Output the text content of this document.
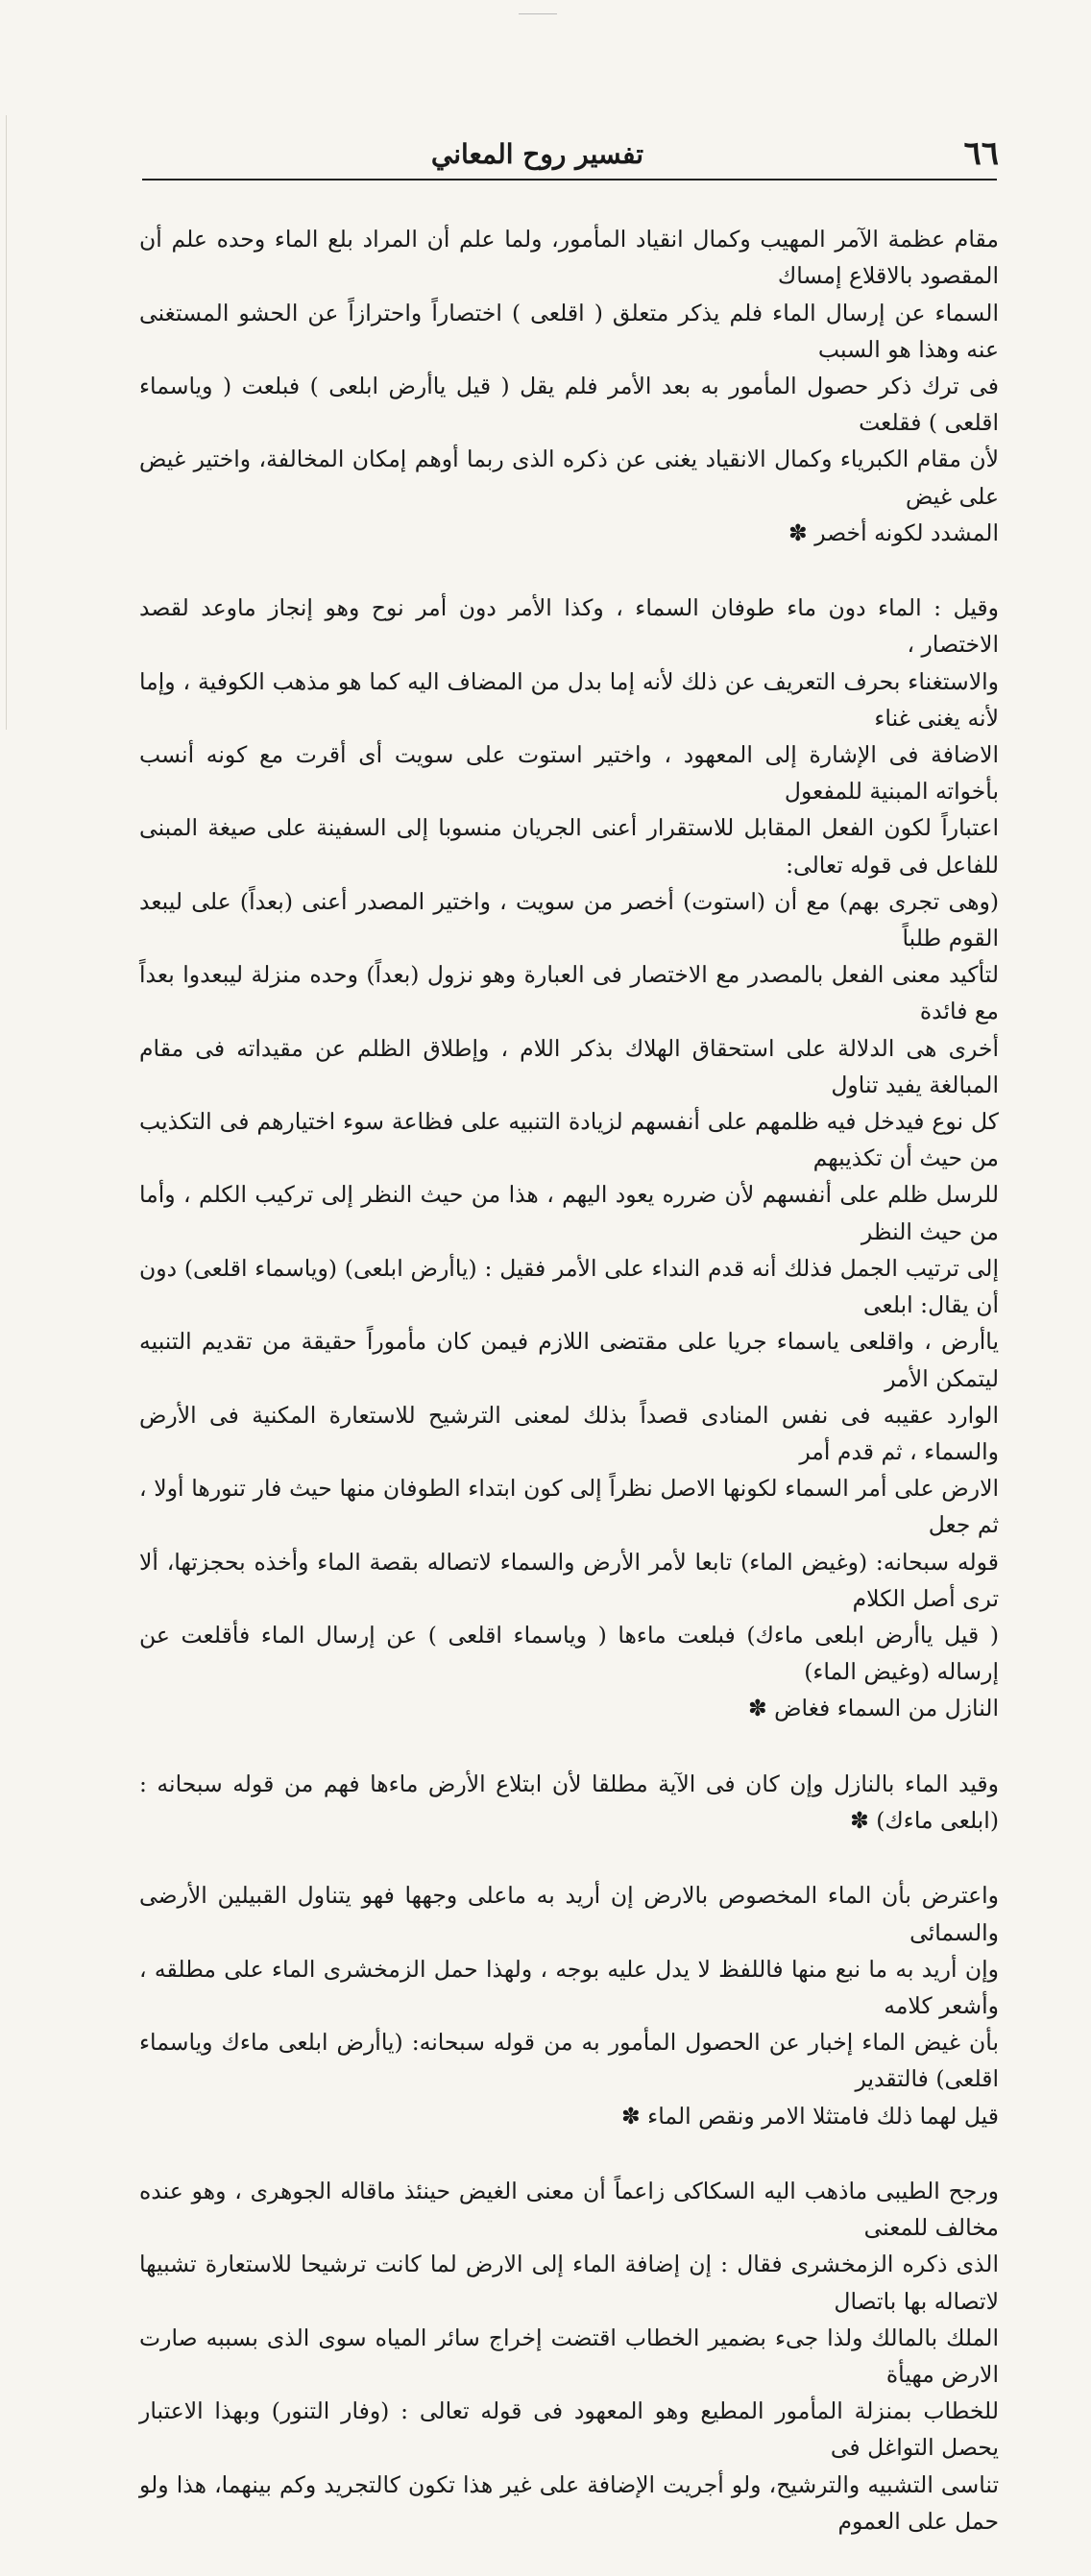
٦٦
تفسير روح المعاني

مقام عظمة الآمر المهيب وكمال انقياد المأمور، ولما علم أن المراد بلع الماء وحده علم أن المقصود بالاقلاع إمساك
السماء عن إرسال الماء فلم يذكر متعلق ( اقلعى ) اختصاراً واحترازاً عن الحشو المستغنى عنه وهذا هو السبب
فى ترك ذكر حصول المأمور به بعد الأمر فلم يقل ( قيل ياأرض ابلعى ) فبلعت ( وياسماء اقلعى ) فقلعت
لأن مقام الكبرياء وكمال الانقياد يغنى عن ذكره الذى ربما أوهم إمكان المخالفة، واختير غيض على غيض
المشدد لكونه أخصر ✽

وقيل : الماء دون ماء طوفان السماء ، وكذا الأمر دون أمر نوح وهو إنجاز ماوعد لقصد الاختصار ،
والاستغناء بحرف التعريف عن ذلك لأنه إما بدل من المضاف اليه كما هو مذهب الكوفية ، وإما لأنه يغنى غناء
الاضافة فى الإشارة إلى المعهود ، واختير استوت على سويت أى أقرت مع كونه أنسب بأخواته المبنية للمفعول
اعتباراً لكون الفعل المقابل للاستقرار أعنى الجريان منسوبا إلى السفينة على صيغة المبنى للفاعل فى قوله تعالى:
(وهى تجرى بهم) مع أن (استوت) أخصر من سويت ، واختير المصدر أعنى (بعداً) على ليبعد القوم طلباً
لتأكيد معنى الفعل بالمصدر مع الاختصار فى العبارة وهو نزول (بعداً) وحده منزلة ليبعدوا بعداً مع فائدة
أخرى هى الدلالة على استحقاق الهلاك بذكر اللام ، وإطلاق الظلم عن مقيداته فى مقام المبالغة يفيد تناول
كل نوع فيدخل فيه ظلمهم على أنفسهم لزيادة التنبيه على فظاعة سوء اختيارهم فى التكذيب من حيث أن تكذيبهم
للرسل ظلم على أنفسهم لأن ضرره يعود اليهم ، هذا من حيث النظر إلى تركيب الكلم ، وأما من حيث النظر
إلى ترتيب الجمل فذلك أنه قدم النداء على الأمر فقيل : (ياأرض ابلعى) (وياسماء اقلعى) دون أن يقال: ابلعى
ياأرض ، واقلعى ياسماء جريا على مقتضى اللازم فيمن كان مأموراً حقيقة من تقديم التنبيه ليتمكن الأمر
الوارد عقيبه فى نفس المنادى قصداً بذلك لمعنى الترشيح للاستعارة المكنية فى الأرض والسماء ، ثم قدم أمر
الارض على أمر السماء لكونها الاصل نظراً إلى كون ابتداء الطوفان منها حيث فار تنورها أولا ، ثم جعل
قوله سبحانه: (وغيض الماء) تابعا لأمر الأرض والسماء لاتصاله بقصة الماء وأخذه بحجزتها، ألا ترى أصل الكلام
( قيل ياأرض ابلعى ماءك) فبلعت ماءها ( وياسماء اقلعى ) عن إرسال الماء فأقلعت عن إرساله (وغيض الماء)
النازل من السماء فغاض ✽

وقيد الماء بالنازل وإن كان فى الآية مطلقا لأن ابتلاع الأرض ماءها فهم من قوله سبحانه : (ابلعى ماءك) ✽

واعترض بأن الماء المخصوص بالارض إن أريد به ماعلى وجهها فهو يتناول القبيلين الأرضى والسمائى
وإن أريد به ما نبع منها فاللفظ لا يدل عليه بوجه ، ولهذا حمل الزمخشرى الماء على مطلقه ، وأشعر كلامه
بأن غيض الماء إخبار عن الحصول المأمور به من قوله سبحانه: (ياأرض ابلعى ماءك وياسماء اقلعى) فالتقدير
قيل لهما ذلك فامتثلا الامر ونقص الماء ✽

ورجح الطيبى ماذهب اليه السكاكى زاعماً أن معنى الغيض حينئذ ماقاله الجوهرى ، وهو عنده مخالف للمعنى
الذى ذكره الزمخشرى فقال : إن إضافة الماء إلى الارض لما كانت ترشيحا للاستعارة تشبيها لاتصاله بها باتصال
الملك بالمالك ولذا جىء بضمير الخطاب اقتضت إخراج سائر المياه سوى الذى بسببه صارت الارض مهيأة
للخطاب بمنزلة المأمور المطيع وهو المعهود فى قوله تعالى : (وفار التنور) وبهذا الاعتبار يحصل التواغل فى
تناسى التشبيه والترشيح، ولو أجريت الإضافة على غير هذا تكون كالتجريد وكم بينهما، هذا ولو حمل على العموم
